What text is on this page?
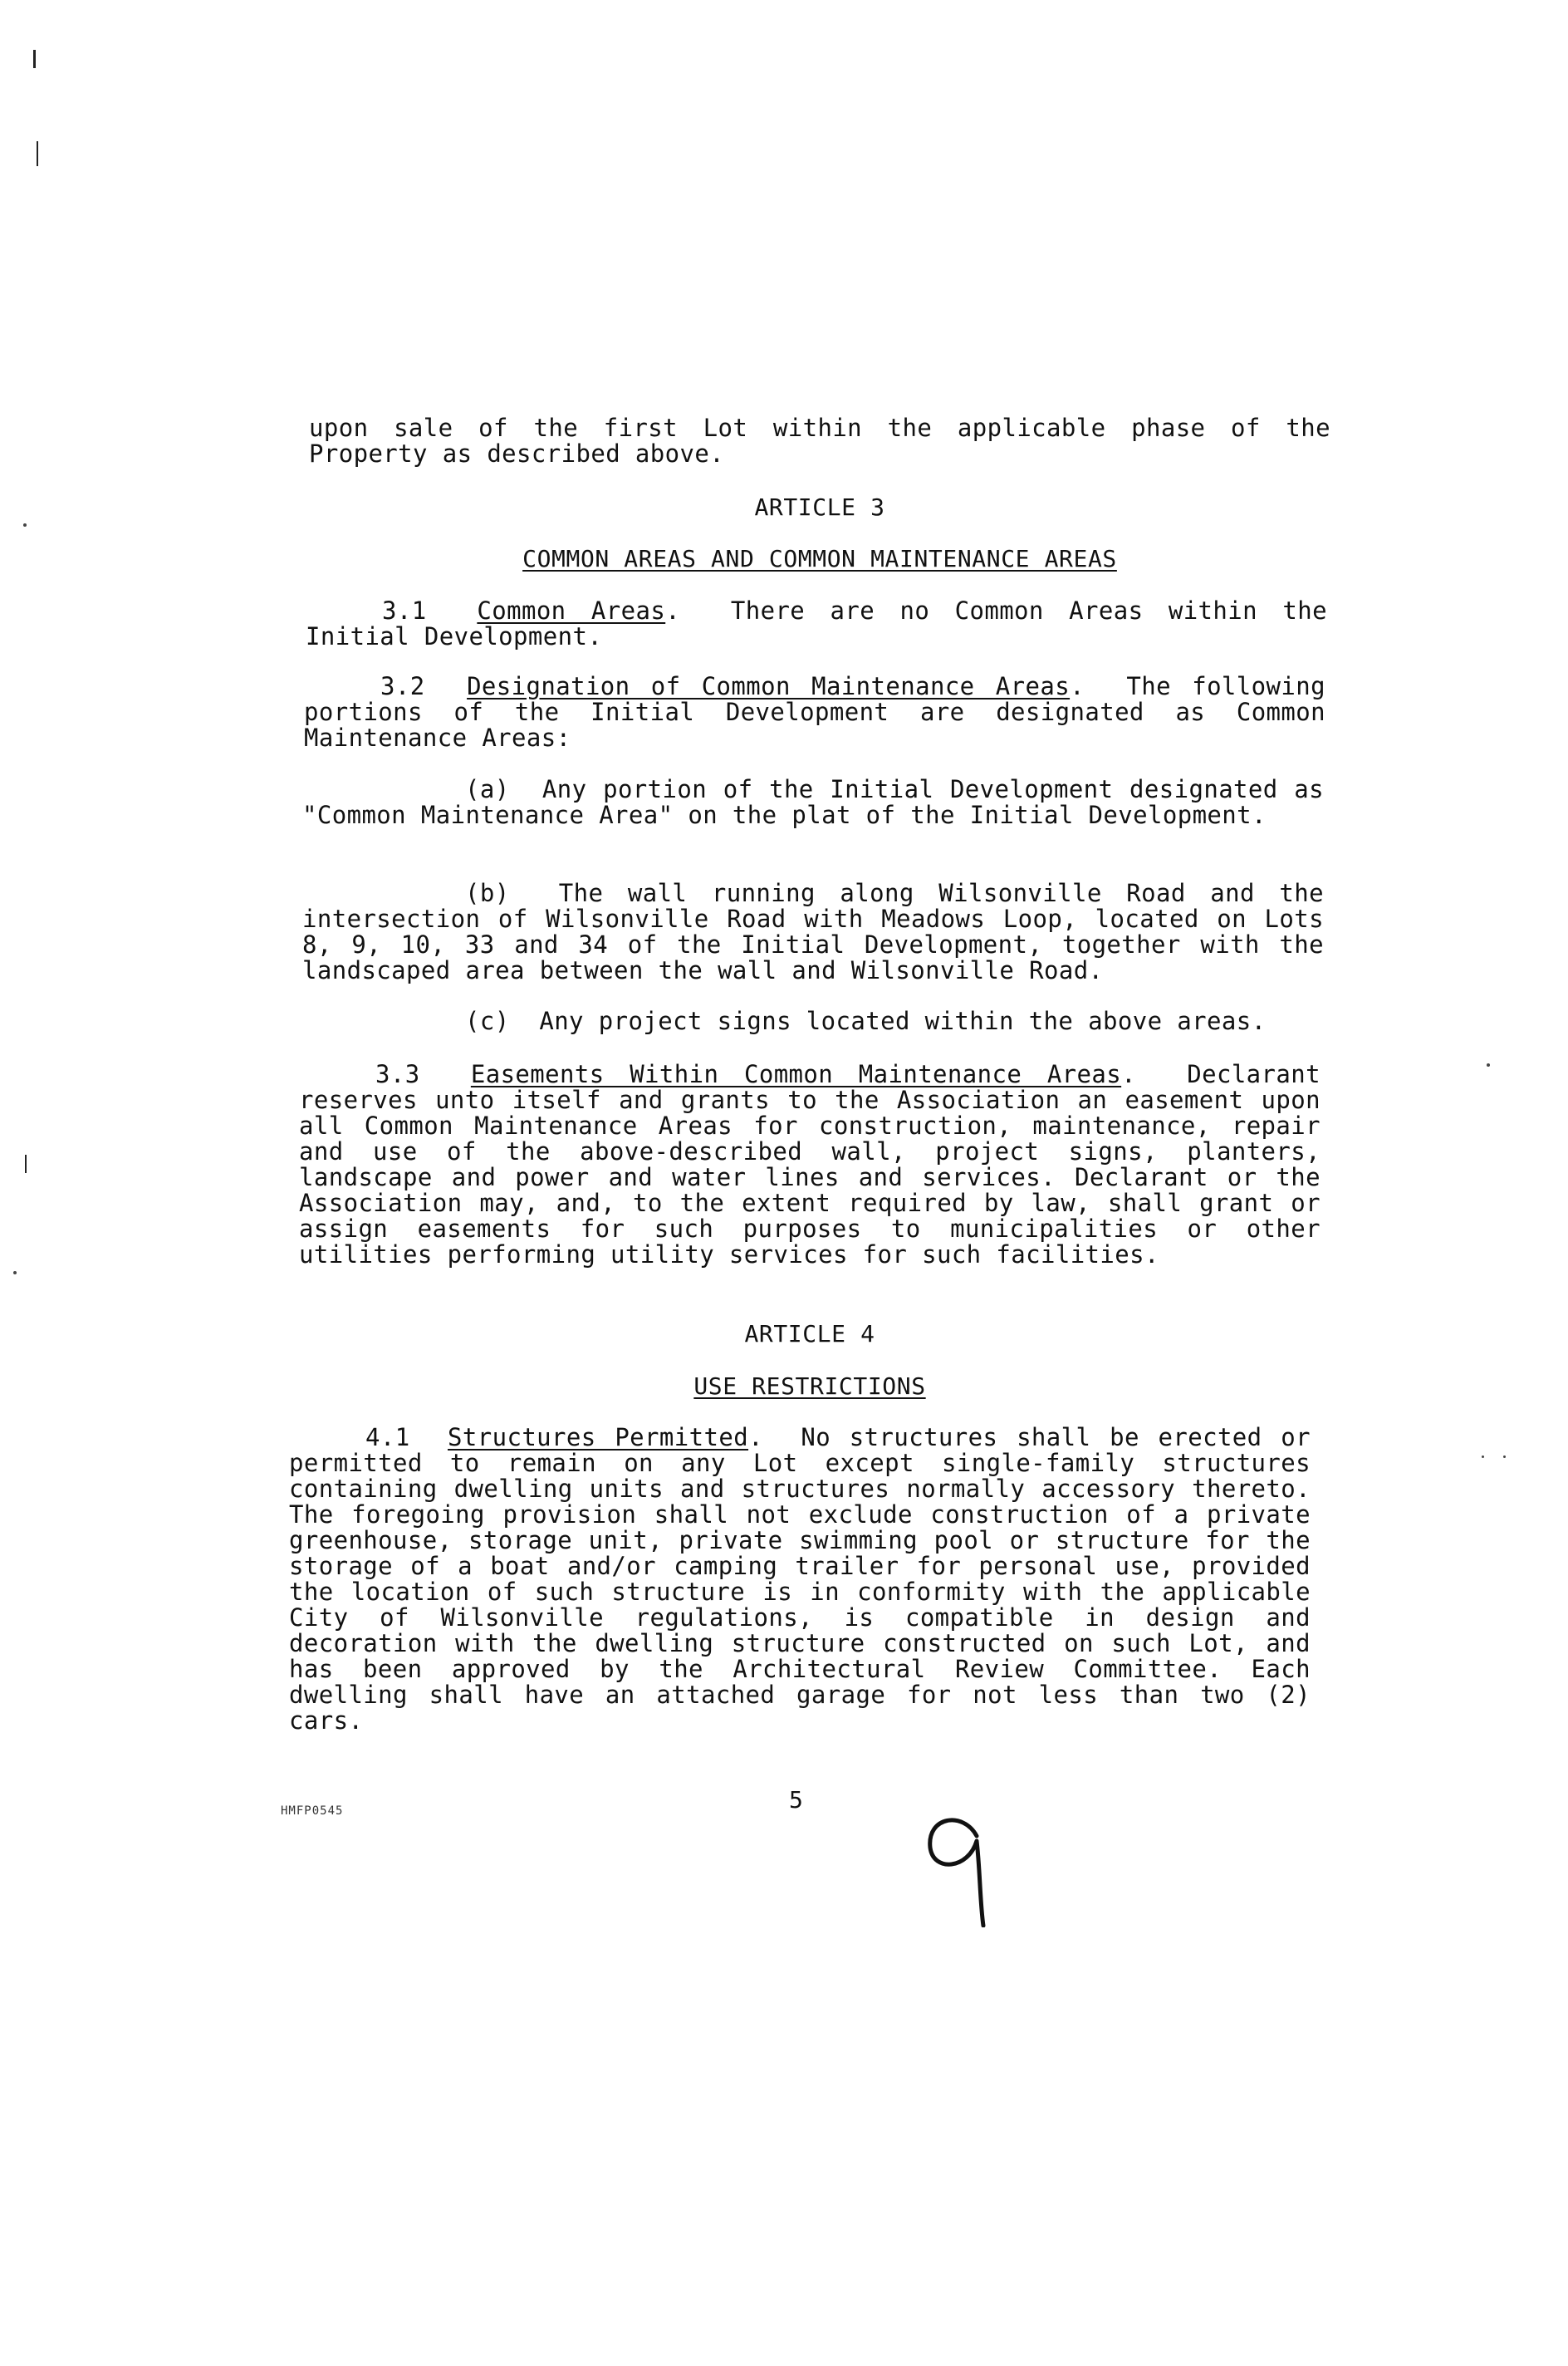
upon sale of the first Lot within the applicable phase of the Property as described above.

ARTICLE 3
COMMON AREAS AND COMMON MAINTENANCE AREAS

3.1 Common Areas.  There are no Common Areas within the Initial Development.

3.2 Designation of Common Maintenance Areas.  The following portions of the Initial Development are designated as Common Maintenance Areas:

(a) Any portion of the Initial Development designated as "Common Maintenance Area" on the plat of the Initial Development.

(b) The wall running along Wilsonville Road and the intersection of Wilsonville Road with Meadows Loop, located on Lots 8, 9, 10, 33 and 34 of the Initial Development, together with the landscaped area between the wall and Wilsonville Road.

(c) Any project signs located within the above areas.

3.3 Easements Within Common Maintenance Areas.  Declarant reserves unto itself and grants to the Association an easement upon all Common Maintenance Areas for construction, maintenance, repair and use of the above-described wall, project signs, planters, landscape and power and water lines and services. Declarant or the Association may, and, to the extent required by law, shall grant or assign easements for such purposes to municipalities or other utilities performing utility services for such facilities.

ARTICLE 4
USE RESTRICTIONS

4.1 Structures Permitted.  No structures shall be erected or permitted to remain on any Lot except single-family structures containing dwelling units and structures normally accessory thereto. The foregoing provision shall not exclude construction of a private greenhouse, storage unit, private swimming pool or structure for the storage of a boat and/or camping trailer for personal use, provided the location of such structure is in conformity with the applicable City of Wilsonville regulations, is compatible in design and decoration with the dwelling structure constructed on such Lot, and has been approved by the Architectural Review Committee. Each dwelling shall have an attached garage for not less than two (2) cars.

HMFP0545	5
